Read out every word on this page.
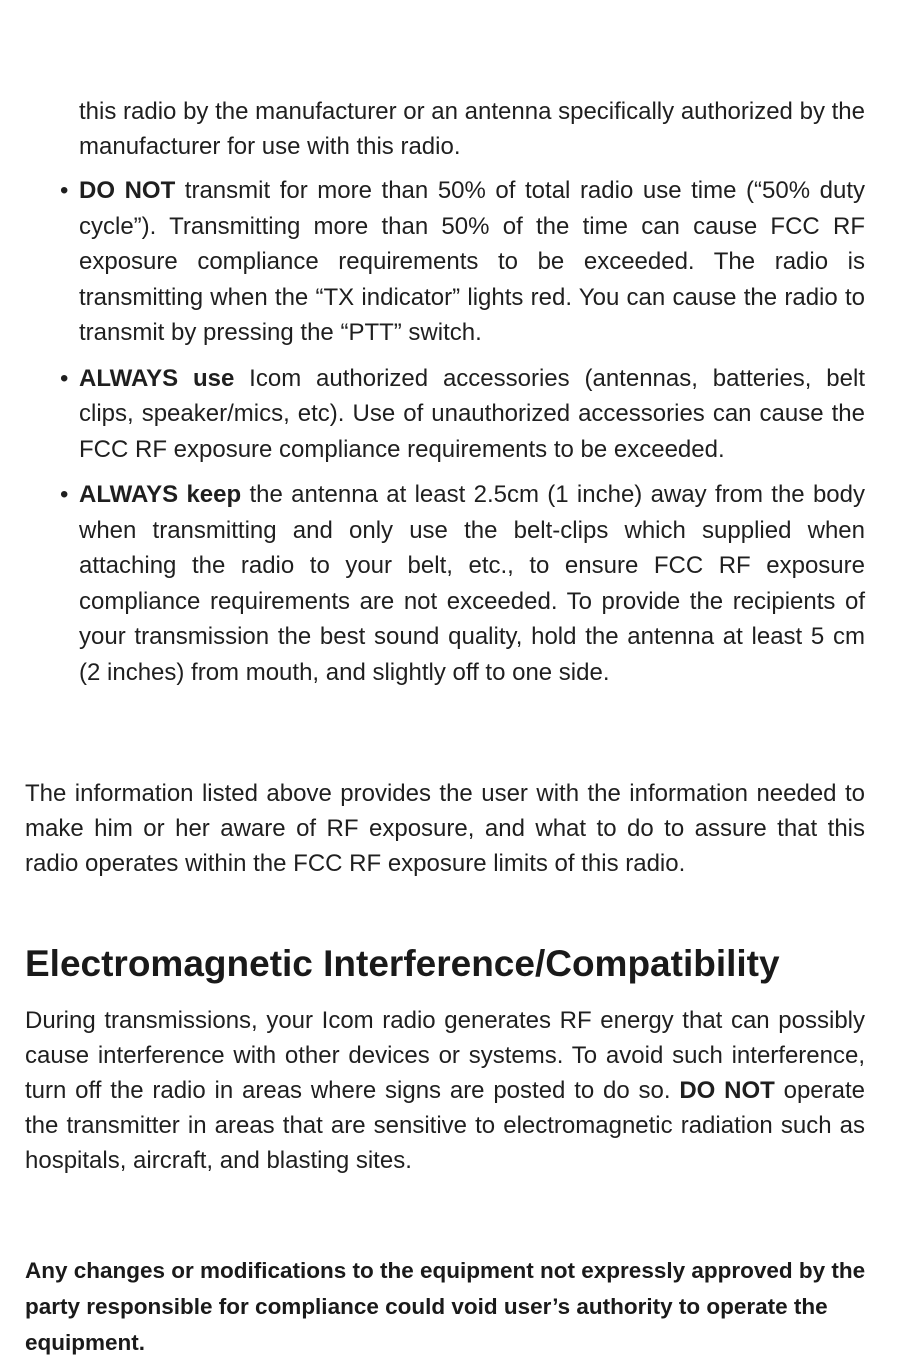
this radio by the manufacturer or an antenna specifically authorized by the manufacturer for use with this radio.

• DO NOT transmit for more than 50% of total radio use time (“50% duty cycle”). Transmitting more than 50% of the time can cause FCC RF exposure compliance requirements to be exceeded. The radio is transmitting when the “TX indicator” lights red. You can cause the radio to transmit by pressing the “PTT” switch.
• ALWAYS use Icom authorized accessories (antennas, batteries, belt clips, speaker/mics, etc). Use of unauthorized accessories can cause the FCC RF exposure compliance requirements to be exceeded.
• ALWAYS keep the antenna at least 2.5cm (1 inche) away from the body when transmitting and only use the belt-clips which supplied when attaching the radio to your belt, etc., to ensure FCC RF exposure compliance requirements are not exceeded. To provide the recipients of your transmission the best sound quality, hold the antenna at least 5 cm (2 inches) from mouth, and slightly off to one side.

The information listed above provides the user with the information needed to make him or her aware of RF exposure, and what to do to assure that this radio operates within the FCC RF exposure limits of this radio.

Electromagnetic Interference/Compatibility

During transmissions, your Icom radio generates RF energy that can possibly cause interference with other devices or systems. To avoid such interference, turn off the radio in areas where signs are posted to do so. DO NOT operate the transmitter in areas that are sensitive to electromagnetic radiation such as hospitals, aircraft, and blasting sites.

Any changes or modifications to the equipment not expressly approved by the party responsible for compliance could void user’s authority to operate the equipment.
